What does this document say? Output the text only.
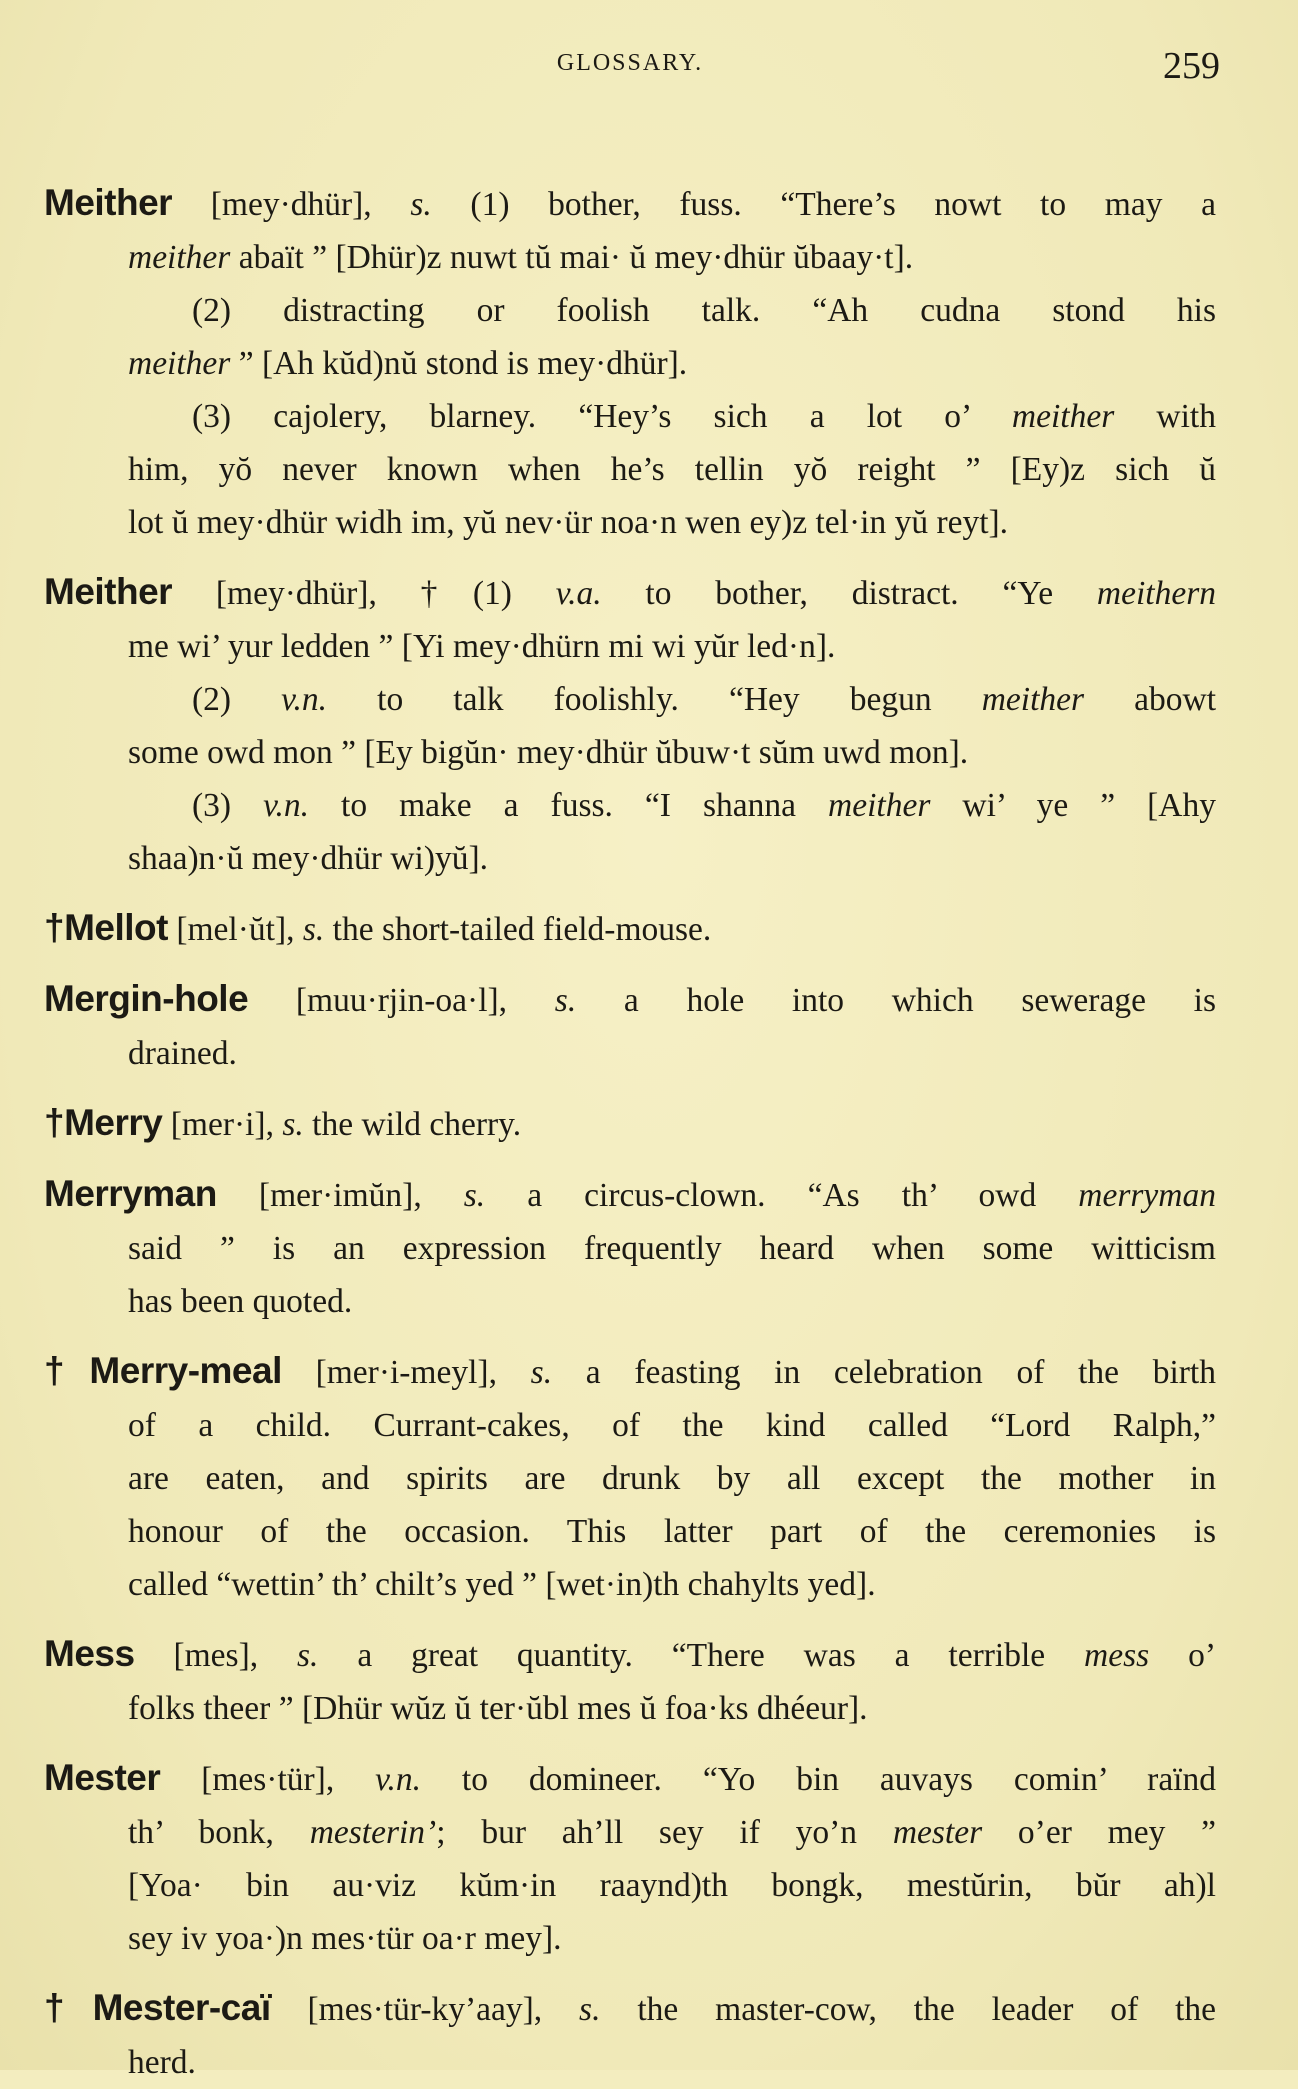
GLOSSARY.	259
Meither [mey·dhür], s. (1) bother, fuss. “There’s nowt to may a
meither abaït ” [Dhür)z nuwt tŭ mai· ŭ mey·dhür ŭbaay·t].
(2) distracting or foolish talk. “Ah cudna stond his
meither ” [Ah kŭd)nŭ stond is mey·dhür].
(3) cajolery, blarney. “Hey’s sich a lot o’ meither with
him, yŏ never known when he’s tellin yŏ reight ” [Ey)z sich ŭ
lot ŭ mey·dhür widh im, yŭ nev·ür noa·n wen ey)z tel·in yŭ reyt].
Meither [mey·dhür], †(1) v.a. to bother, distract. “Ye meithern
me wi’ yur ledden ” [Yi mey·dhürn mi wi yŭr led·n].
(2) v.n. to talk foolishly. “Hey begun meither abowt
some owd mon ” [Ey bigŭn· mey·dhür ŭbuw·t sŭm uwd mon].
(3) v.n. to make a fuss. “I shanna meither wi’ ye ” [Ahy
shaa)n·ŭ mey·dhür wi)yŭ].
†Mellot [mel·ŭt], s. the short-tailed field-mouse.
Mergin-hole [muu·rjin-oa·l], s. a hole into which sewerage is
drained.
†Merry [mer·i], s. the wild cherry.
Merryman [mer·imŭn], s. a circus-clown. “As th’ owd merryman
said ” is an expression frequently heard when some witticism
has been quoted.
†Merry-meal [mer·i-meyl], s. a feasting in celebration of the birth
of a child. Currant-cakes, of the kind called “Lord Ralph,”
are eaten, and spirits are drunk by all except the mother in
honour of the occasion. This latter part of the ceremonies is
called “wettin’ th’ chilt’s yed ” [wet·in)th chahylts yed].
Mess [mes], s. a great quantity. “There was a terrible mess o’
folks theer ” [Dhür wŭz ŭ ter·ŭbl mes ŭ foa·ks dhéeur].
Mester [mes·tür], v.n. to domineer. “Yo bin auvays comin’ raïnd
th’ bonk, mesterin’; bur ah’ll sey if yo’n mester o’er mey ”
[Yoa· bin au·viz kŭm·in raaynd)th bongk, mestŭrin, bŭr ah)l
sey iv yoa·)n mes·tür oa·r mey].
†Mester-caï [mes·tür-ky’aay], s. the master-cow, the leader of the
herd.
